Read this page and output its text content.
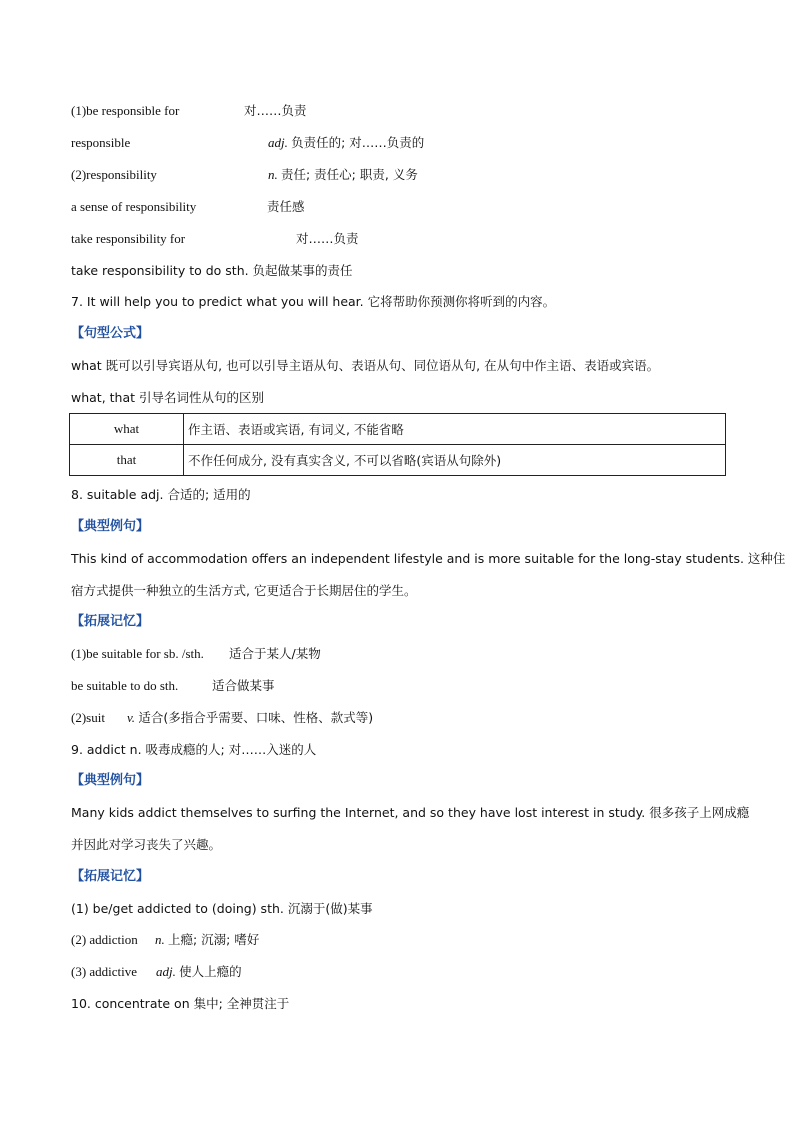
(1)be responsible for	对……负责
responsible	adj. 负责任的; 对……负责的
(2)responsibility	n. 责任; 责任心; 职责, 义务
a sense of responsibility	责任感
take responsibility for	对……负责
take responsibility to do sth. 负起做某事的责任
7. It will help you to predict what you will hear. 它将帮助你预测你将听到的内容。
【句型公式】
what 既可以引导宾语从句, 也可以引导主语从句、表语从句、同位语从句, 在从句中作主语、表语或宾语。
what, that 引导名词性从句的区别
what	作主语、表语或宾语, 有词义, 不能省略
that	不作任何成分, 没有真实含义, 不可以省略(宾语从句除外)
8. suitable adj. 合适的; 适用的
【典型例句】
This kind of accommodation offers an independent lifestyle and is more suitable for the long-stay students. 这种住
宿方式提供一种独立的生活方式, 它更适合于长期居住的学生。
【拓展记忆】
(1)be suitable for sb. /sth. 适合于某人/某物
be suitable to do sth.	适合做某事
(2)suit v. 适合(多指合乎需要、口味、性格、款式等)
9. addict n. 吸毒成瘾的人; 对……入迷的人
【典型例句】
Many kids addict themselves to surfing the Internet, and so they have lost interest in study. 很多孩子上网成瘾
并因此对学习丧失了兴趣。
【拓展记忆】
(1) be/get addicted to (doing) sth. 沉溺于(做)某事
(2) addiction n. 上瘾; 沉溺; 嗜好
(3) addictive adj. 使人上瘾的
10. concentrate on 集中; 全神贯注于
